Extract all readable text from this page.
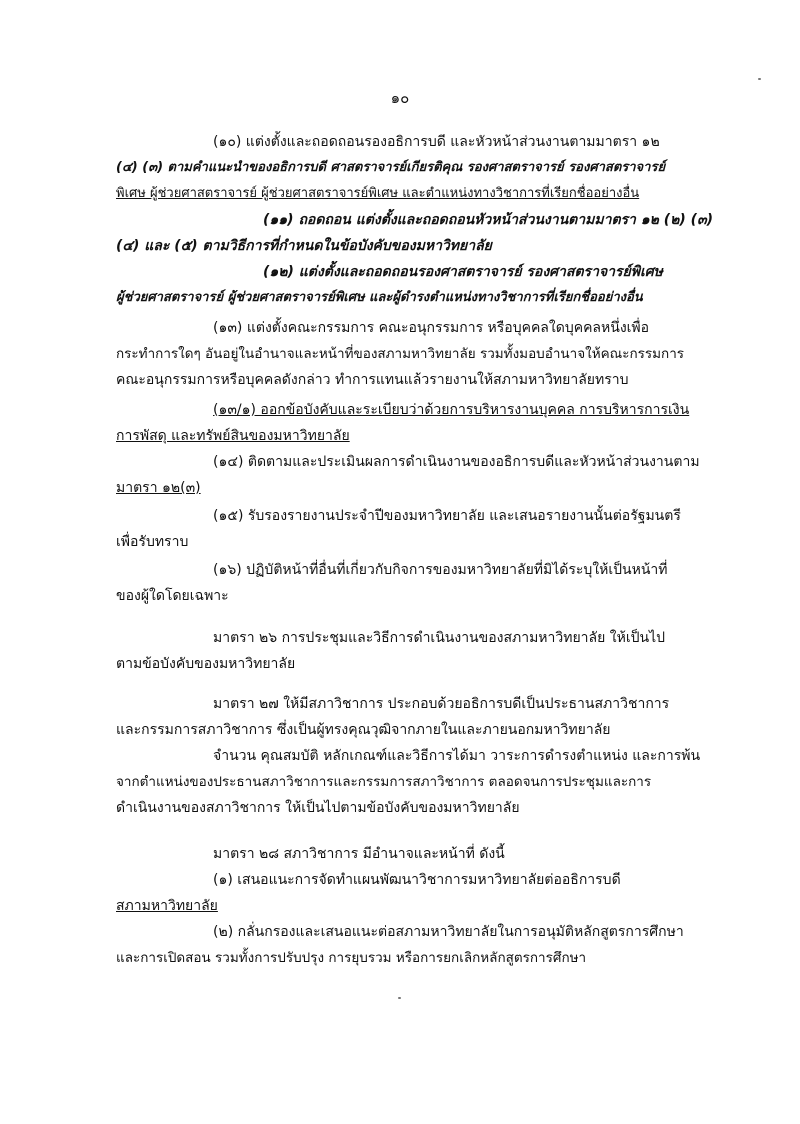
๑๐
(๑๐) แต่งตั้งและถอดถอนรองอธิการบดี และหัวหน้าส่วนงานตามมาตรา ๑๒
(๔) (๓) ตามคำแนะนำของอธิการบดี ศาสตราจารย์เกียรติคุณ รองศาสตราจารย์ รองศาสตราจารย์
พิเศษ ผู้ช่วยศาสตราจารย์ ผู้ช่วยศาสตราจารย์พิเศษ และตำแหน่งทางวิชาการที่เรียกชื่ออย่างอื่น
(๑๑) ถอดถอน แต่งตั้งและถอดถอนหัวหน้าส่วนงานตามมาตรา ๑๒ (๒) (๓)
(๔) และ (๕) ตามวิธีการที่กำหนดในข้อบังคับของมหาวิทยาลัย
(๑๒) แต่งตั้งและถอดถอนรองศาสตราจารย์ รองศาสตราจารย์พิเศษ
ผู้ช่วยศาสตราจารย์ ผู้ช่วยศาสตราจารย์พิเศษ และผู้ดำรงตำแหน่งทางวิชาการที่เรียกชื่ออย่างอื่น
(๑๓) แต่งตั้งคณะกรรมการ คณะอนุกรรมการ หรือบุคคลใดบุคคลหนึ่งเพื่อ
กระทำการใดๆ อันอยู่ในอำนาจและหน้าที่ของสภามหาวิทยาลัย รวมทั้งมอบอำนาจให้คณะกรรมการ
คณะอนุกรรมการหรือบุคคลดังกล่าว ทำการแทนแล้วรายงานให้สภามหาวิทยาลัยทราบ
(๑๓/๑) ออกข้อบังคับและระเบียบว่าด้วยการบริหารงานบุคคล การบริหารการเงิน
การพัสดุ และทรัพย์สินของมหาวิทยาลัย
(๑๔) ติดตามและประเมินผลการดำเนินงานของอธิการบดีและหัวหน้าส่วนงานตาม
มาตรา ๑๒(๓)
(๑๕) รับรองรายงานประจำปีของมหาวิทยาลัย และเสนอรายงานนั้นต่อรัฐมนตรี
เพื่อรับทราบ
(๑๖) ปฏิบัติหน้าที่อื่นที่เกี่ยวกับกิจการของมหาวิทยาลัยที่มิได้ระบุให้เป็นหน้าที่
ของผู้ใดโดยเฉพาะ
มาตรา ๒๖ การประชุมและวิธีการดำเนินงานของสภามหาวิทยาลัย ให้เป็นไป
ตามข้อบังคับของมหาวิทยาลัย
มาตรา ๒๗ ให้มีสภาวิชาการ ประกอบด้วยอธิการบดีเป็นประธานสภาวิชาการ
และกรรมการสภาวิชาการ ซึ่งเป็นผู้ทรงคุณวุฒิจากภายในและภายนอกมหาวิทยาลัย
จำนวน คุณสมบัติ หลักเกณฑ์และวิธีการได้มา วาระการดำรงตำแหน่ง และการพ้น
จากตำแหน่งของประธานสภาวิชาการและกรรมการสภาวิชาการ ตลอดจนการประชุมและการ
ดำเนินงานของสภาวิชาการ ให้เป็นไปตามข้อบังคับของมหาวิทยาลัย
มาตรา ๒๘ สภาวิชาการ มีอำนาจและหน้าที่ ดังนี้
(๑) เสนอแนะการจัดทำแผนพัฒนาวิชาการมหาวิทยาลัยต่ออธิการบดี
สภามหาวิทยาลัย
(๒) กลั่นกรองและเสนอแนะต่อสภามหาวิทยาลัยในการอนุมัติหลักสูตรการศึกษา
และการเปิดสอน รวมทั้งการปรับปรุง การยุบรวม หรือการยกเลิกหลักสูตรการศึกษา
